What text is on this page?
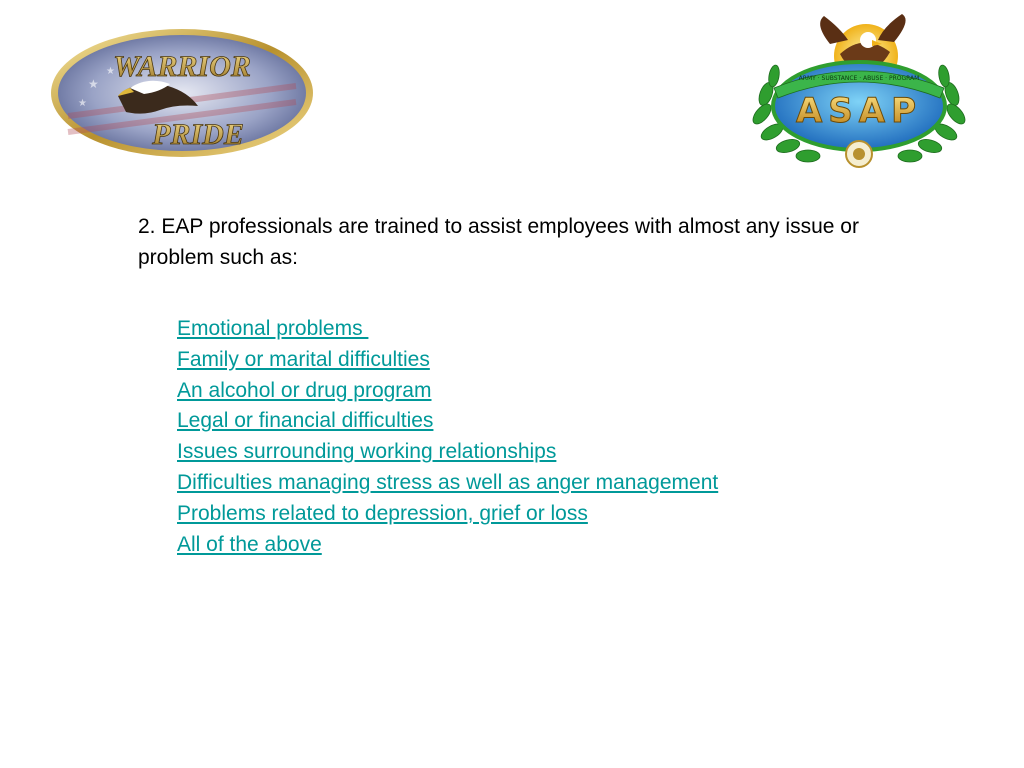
★
★
★
WARRIOR
PRIDE
ARMY · SUBSTANCE · ABUSE · PROGRAM
ASAP

2. EAP professionals are trained to assist employees with almost any issue or problem such as:

Emotional problems
Family or marital difficulties
An alcohol or drug program
Legal or financial difficulties
Issues surrounding working relationships
Difficulties managing stress as well as anger management
Problems related to depression, grief or loss
All of the above
